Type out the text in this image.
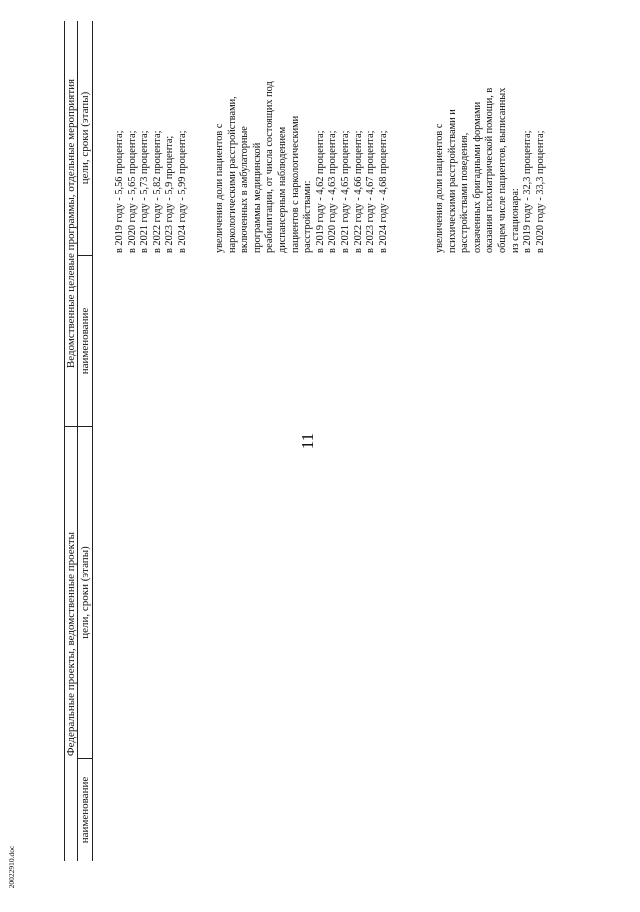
11
20022910.doc
Федеральные проекты, ведомственные проекты
Ведомственные целевые программы, отдельные мероприятия
наименование
цели, сроки (этапы)
наименование
цели, сроки (этапы) в 2019 году - 5,56 процента; в 2020 году - 5,65 процента; в 2021 году - 5,73 процента; в 2022 году - 5,82 процента; в 2023 году - 5,9 процента; в 2024 году - 5,99 процента;	увеличения доли пациентов с наркологическими расстройствами, включенных в амбулаторные программы медицинской реабилитации, от числа состоящих под диспансерным наблюдением пациентов с наркологическими расстройствами: в 2019 году - 4,62 процента; в 2020 году - 4,63 процента; в 2021 году - 4,65 процента; в 2022 году - 4,66 процента; в 2023 году - 4,67 процента; в 2024 году - 4,68 процента;	увеличения доли пациентов с психическими расстройствами и расстройствами поведения, охваченных бригадными формами оказания психиатрической помощи, в общем числе пациентов, выписанных из стационара: в 2019 году - 32,3 процента; в 2020 году - 33,3 процента;
